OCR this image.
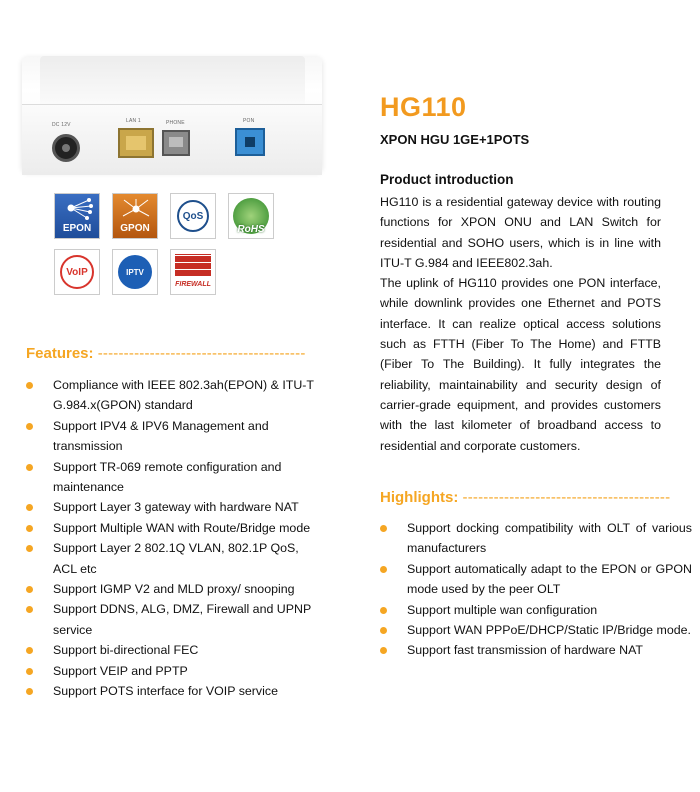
DC 12V
LAN 1	PHONE	PON
EPON	GPON
QoS
RoHS
VoIP	IPTV
FIREWALL
HG110
XPON HGU 1GE+1POTS
Product introduction

HG110 is a residential gateway device with routing functions for XPON ONU and LAN Switch for residential and SOHO users, which is in line with ITU-T G.984 and IEEE802.3ah.

The uplink of HG110 provides one PON interface, while downlink provides one Ethernet and POTS interface. It can realize optical access solutions such as FTTH (Fiber To The Home) and FTTB (Fiber To The Building). It fully integrates the reliability, maintainability and security design of carrier-grade equipment, and provides customers with the last kilometer of broadband access to residential and corporate customers.

Features: ----------------------------------------
Compliance with IEEE 802.3ah(EPON) & ITU-T G.984.x(GPON) standard
Support IPV4 & IPV6 Management and transmission
Support TR-069 remote configuration and maintenance
Support Layer 3 gateway with hardware NAT
Support Multiple WAN with Route/Bridge mode
Support Layer 2 802.1Q VLAN, 802.1P QoS, ACL etc
Support IGMP V2 and MLD proxy/ snooping
Support DDNS, ALG, DMZ, Firewall and UPNP service
Support bi-directional FEC
Support VEIP and PPTP
Support POTS interface for VOIP service
Highlights: ----------------------------------------
Support docking compatibility with OLT of various manufacturers
Support automatically adapt to the EPON or GPON mode used by the peer OLT
Support multiple wan configuration
Support WAN PPPoE/DHCP/Static IP/Bridge mode.
Support fast transmission of hardware NAT
